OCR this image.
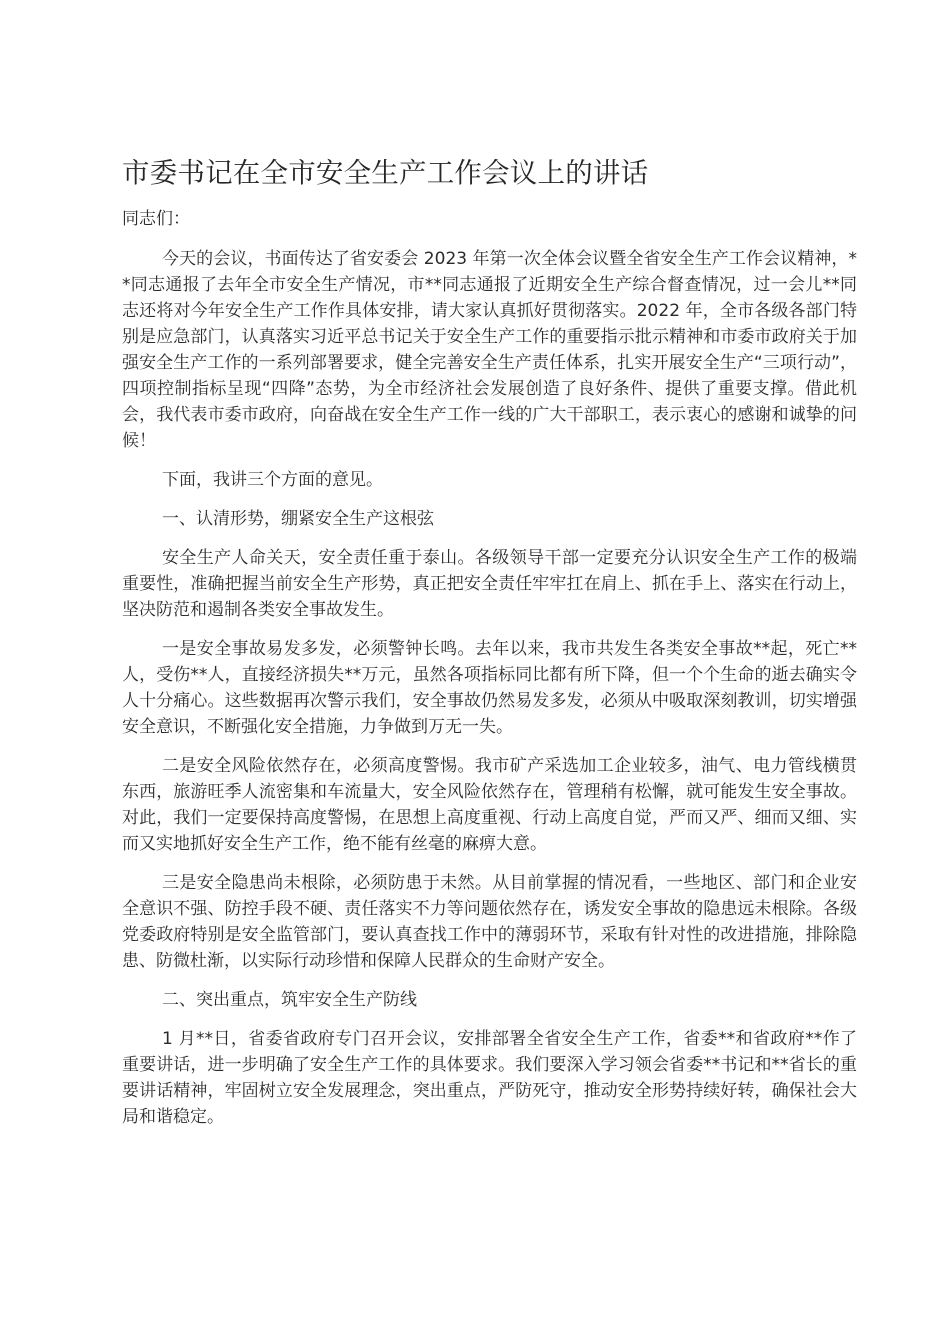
市委书记在全市安全生产工作会议上的讲话

同志们：

今天的会议，书面传达了省安委会 2023 年第一次全体会议暨全省安全生产工作会议精神，**同志通报了去年全市安全生产情况，市**同志通报了近期安全生产综合督查情况，过一会儿**同志还将对今年安全生产工作作具体安排，请大家认真抓好贯彻落实。2022 年，全市各级各部门特别是应急部门，认真落实习近平总书记关于安全生产工作的重要指示批示精神和市委市政府关于加强安全生产工作的一系列部署要求，健全完善安全生产责任体系，扎实开展安全生产“三项行动”，四项控制指标呈现“四降”态势，为全市经济社会发展创造了良好条件、提供了重要支撑。借此机会，我代表市委市政府，向奋战在安全生产工作一线的广大干部职工，表示衷心的感谢和诚挚的问候！

下面，我讲三个方面的意见。

一、认清形势，绷紧安全生产这根弦

安全生产人命关天，安全责任重于泰山。各级领导干部一定要充分认识安全生产工作的极端重要性，准确把握当前安全生产形势，真正把安全责任牢牢扛在肩上、抓在手上、落实在行动上，坚决防范和遏制各类安全事故发生。

一是安全事故易发多发，必须警钟长鸣。去年以来，我市共发生各类安全事故**起，死亡**人，受伤**人，直接经济损失**万元，虽然各项指标同比都有所下降，但一个个生命的逝去确实令人十分痛心。这些数据再次警示我们，安全事故仍然易发多发，必须从中吸取深刻教训，切实增强安全意识，不断强化安全措施，力争做到万无一失。

二是安全风险依然存在，必须高度警惕。我市矿产采选加工企业较多，油气、电力管线横贯东西，旅游旺季人流密集和车流量大，安全风险依然存在，管理稍有松懈，就可能发生安全事故。对此，我们一定要保持高度警惕，在思想上高度重视、行动上高度自觉，严而又严、细而又细、实而又实地抓好安全生产工作，绝不能有丝毫的麻痹大意。

三是安全隐患尚未根除，必须防患于未然。从目前掌握的情况看，一些地区、部门和企业安全意识不强、防控手段不硬、责任落实不力等问题依然存在，诱发安全事故的隐患远未根除。各级党委政府特别是安全监管部门，要认真查找工作中的薄弱环节，采取有针对性的改进措施，排除隐患、防微杜渐，以实际行动珍惜和保障人民群众的生命财产安全。

二、突出重点，筑牢安全生产防线

1 月**日，省委省政府专门召开会议，安排部署全省安全生产工作，省委**和省政府**作了重要讲话，进一步明确了安全生产工作的具体要求。我们要深入学习领会省委**书记和**省长的重要讲话精神，牢固树立安全发展理念，突出重点，严防死守，推动安全形势持续好转，确保社会大局和谐稳定。
